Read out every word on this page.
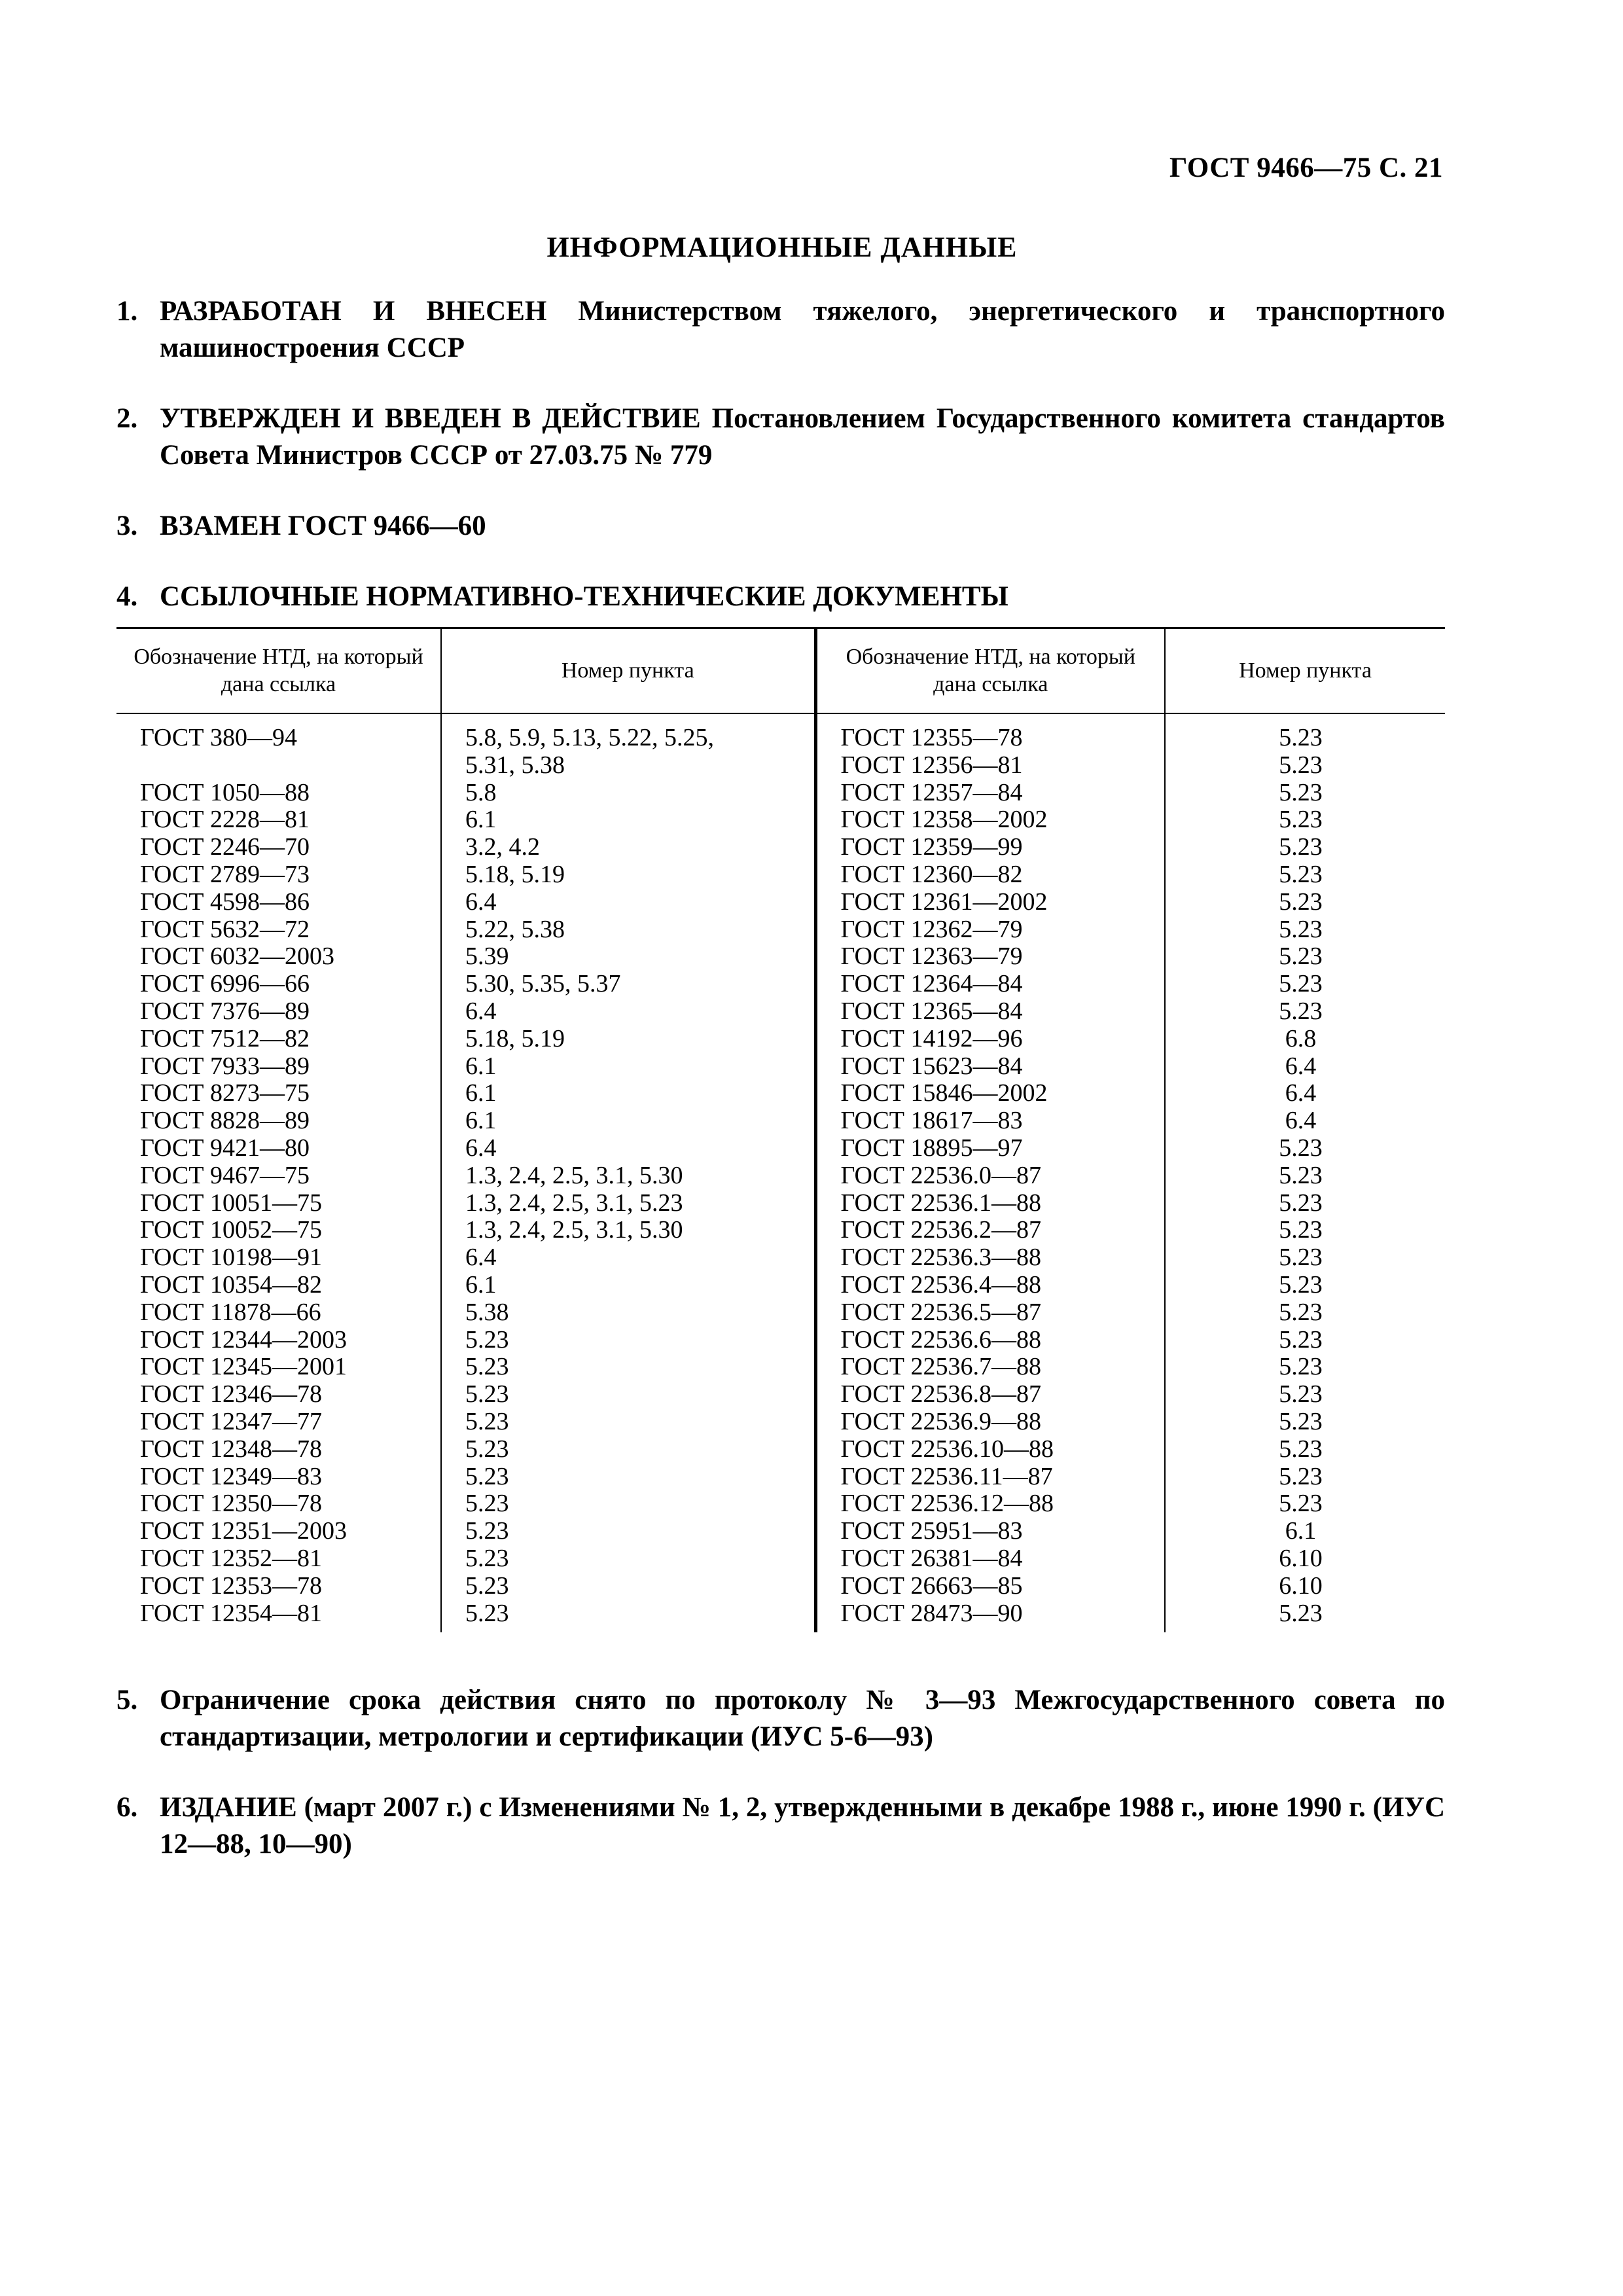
ГОСТ 9466—75 С. 21
ИНФОРМАЦИОННЫЕ ДАННЫЕ
1. РАЗРАБОТАН И ВНЕСЕН Министерством тяжелого, энергетического и транспортного машиностроения СССР
2. УТВЕРЖДЕН И ВВЕДЕН В ДЕЙСТВИЕ Постановлением Государственного комитета стандартов Совета Министров СССР от 27.03.75 № 779
3. ВЗАМЕН ГОСТ 9466—60
4. ССЫЛОЧНЫЕ НОРМАТИВНО-ТЕХНИЧЕСКИЕ ДОКУМЕНТЫ
Обозначение НТД, на который дана ссылка	Номер пункта	Обозначение НТД, на который дана ссылка	Номер пункта
ГОСТ 380—94	5.8, 5.9, 5.13, 5.22, 5.25,	ГОСТ 12355—78	5.23
	5.31, 5.38	ГОСТ 12356—81	5.23
ГОСТ 1050—88	5.8	ГОСТ 12357—84	5.23
ГОСТ 2228—81	6.1	ГОСТ 12358—2002	5.23
ГОСТ 2246—70	3.2, 4.2	ГОСТ 12359—99	5.23
ГОСТ 2789—73	5.18, 5.19	ГОСТ 12360—82	5.23
ГОСТ 4598—86	6.4	ГОСТ 12361—2002	5.23
ГОСТ 5632—72	5.22, 5.38	ГОСТ 12362—79	5.23
ГОСТ 6032—2003	5.39	ГОСТ 12363—79	5.23
ГОСТ 6996—66	5.30, 5.35, 5.37	ГОСТ 12364—84	5.23
ГОСТ 7376—89	6.4	ГОСТ 12365—84	5.23
ГОСТ 7512—82	5.18, 5.19	ГОСТ 14192—96	6.8
ГОСТ 7933—89	6.1	ГОСТ 15623—84	6.4
ГОСТ 8273—75	6.1	ГОСТ 15846—2002	6.4
ГОСТ 8828—89	6.1	ГОСТ 18617—83	6.4
ГОСТ 9421—80	6.4	ГОСТ 18895—97	5.23
ГОСТ 9467—75	1.3, 2.4, 2.5, 3.1, 5.30	ГОСТ 22536.0—87	5.23
ГОСТ 10051—75	1.3, 2.4, 2.5, 3.1, 5.23	ГОСТ 22536.1—88	5.23
ГОСТ 10052—75	1.3, 2.4, 2.5, 3.1, 5.30	ГОСТ 22536.2—87	5.23
ГОСТ 10198—91	6.4	ГОСТ 22536.3—88	5.23
ГОСТ 10354—82	6.1	ГОСТ 22536.4—88	5.23
ГОСТ 11878—66	5.38	ГОСТ 22536.5—87	5.23
ГОСТ 12344—2003	5.23	ГОСТ 22536.6—88	5.23
ГОСТ 12345—2001	5.23	ГОСТ 22536.7—88	5.23
ГОСТ 12346—78	5.23	ГОСТ 22536.8—87	5.23
ГОСТ 12347—77	5.23	ГОСТ 22536.9—88	5.23
ГОСТ 12348—78	5.23	ГОСТ 22536.10—88	5.23
ГОСТ 12349—83	5.23	ГОСТ 22536.11—87	5.23
ГОСТ 12350—78	5.23	ГОСТ 22536.12—88	5.23
ГОСТ 12351—2003	5.23	ГОСТ 25951—83	6.1
ГОСТ 12352—81	5.23	ГОСТ 26381—84	6.10
ГОСТ 12353—78	5.23	ГОСТ 26663—85	6.10
ГОСТ 12354—81	5.23	ГОСТ 28473—90	5.23

5. Ограничение срока действия снято по протоколу № 3—93 Межгосударственного совета по стандартизации, метрологии и сертификации (ИУС 5-6—93)
6. ИЗДАНИЕ (март 2007 г.) с Изменениями № 1, 2, утвержденными в декабре 1988 г., июне 1990 г. (ИУС 12—88, 10—90)
